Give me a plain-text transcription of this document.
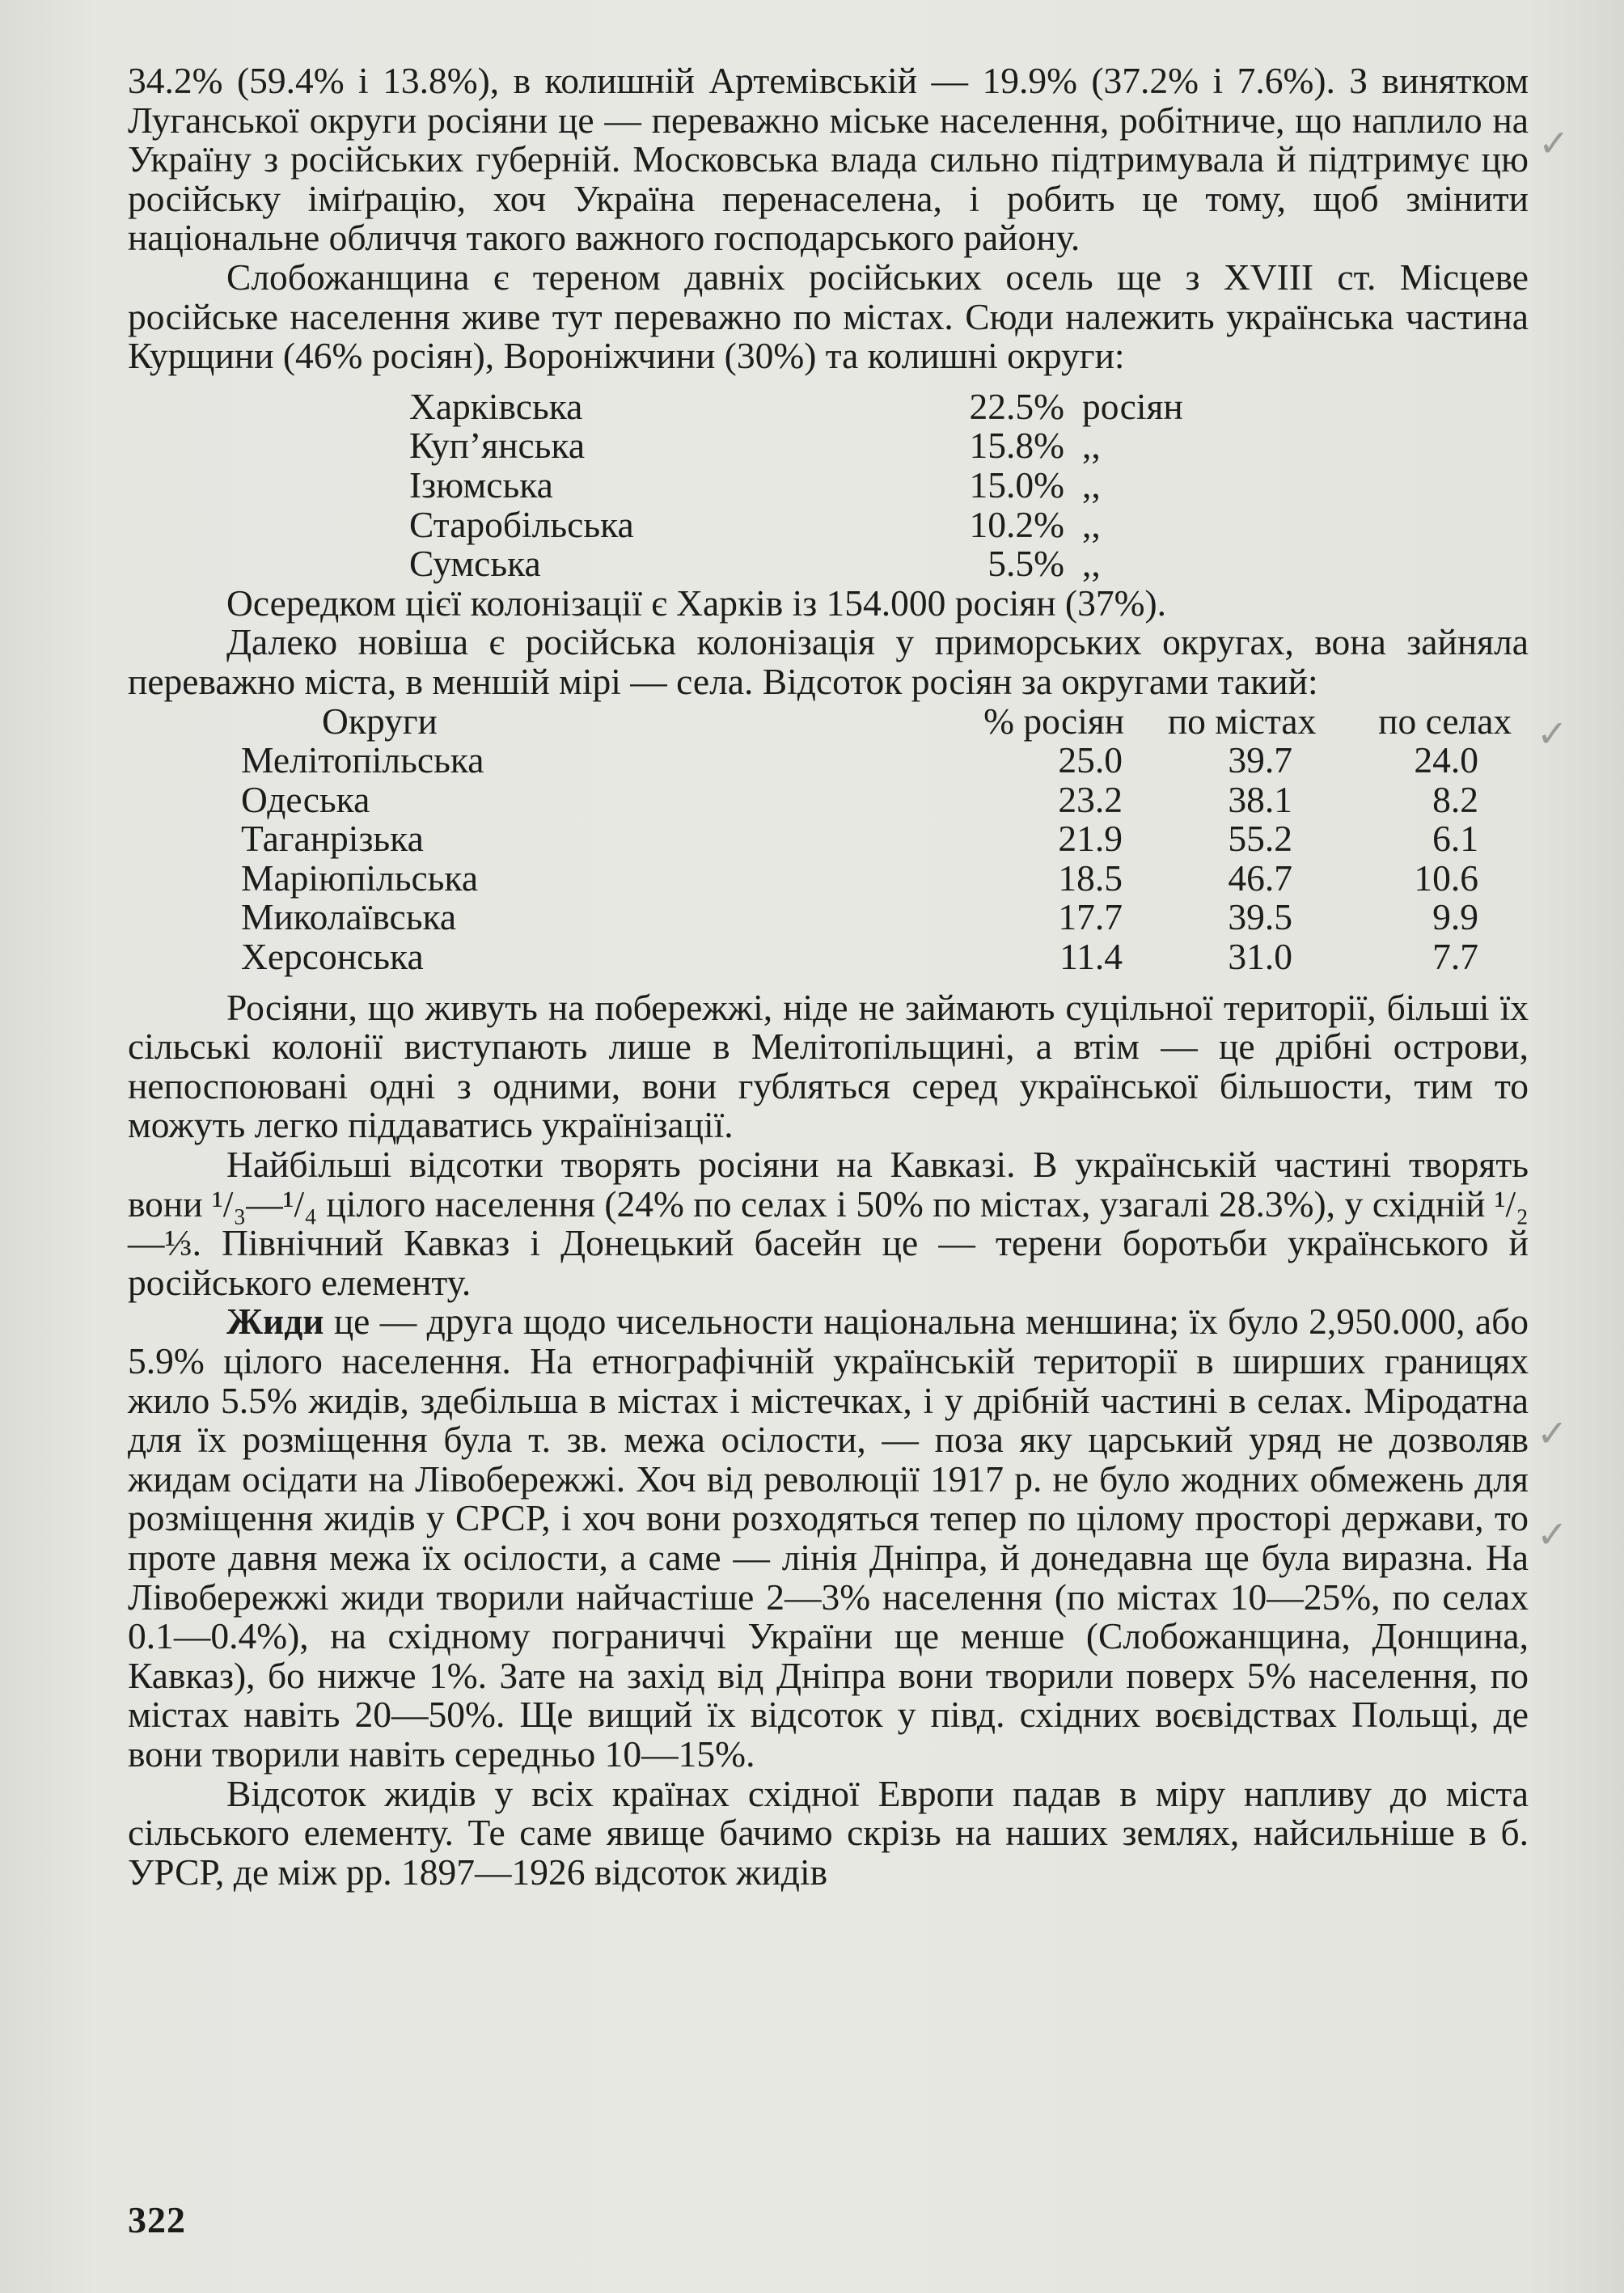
34.2% (59.4% і 13.8%), в колишній Артемівській — 19.9% (37.2% і 7.6%). З винятком Луганської округи росіяни це — переважно міське населення, робітниче, що наплило на Україну з російських губерній. Московська влада сильно підтримувала й підтримує цю російську іміґрацію, хоч Україна перенаселена, і робить це тому, щоб змінити національне обличчя такого важного господарського району.

Слобожанщина є тереном давніх російських осель ще з XVIII ст. Місцеве російське населення живе тут переважно по містах. Сюди належить українська частина Курщини (46% росіян), Вороніжчини (30%) та колишні округи:

Харківська	22.5% росіян
Куп’янська	15.8% ,,
Ізюмська	15.0% ,,
Старобільська	10.2% ,,
Сумська	5.5% ,,

Осередком цієї колонізації є Харків із 154.000 росіян (37%).

Далеко новіша є російська колонізація у приморських округах, вона зайняла переважно міста, в меншій мірі — села. Відсоток росіян за округами такий:

Округи	% росіян	по містах	по селах
Мелітопільська	25.0	39.7	24.0
Одеська	23.2	38.1	8.2
Таганрізька	21.9	55.2	6.1
Маріюпільська	18.5	46.7	10.6
Миколаївська	17.7	39.5	9.9
Херсонська	11.4	31.0	7.7

Росіяни, що живуть на побережжі, ніде не займають суцільної території, більші їх сільські колонії виступають лише в Мелітопільщині, а втім — це дрібні острови, непоспоювані одні з одними, вони губляться серед української більшости, тим то можуть легко піддаватись українізації.

Найбільші відсотки творять росіяни на Кавказі. В українській частині творять вони ¹/₃—¹/₄ цілого населення (24% по селах і 50% по містах, узагалі 28.3%), у східній ¹/₂—⅓. Північний Кавказ і Донецький басейн це — терени боротьби українського й російського елементу.

Жиди це — друга щодо чисельности національна меншина; їх було 2,950.000, або 5.9% цілого населення. На етнографічній українській території в ширших границях жило 5.5% жидів, здебільша в містах і містечках, і у дрібній частині в селах. Міродатна для їх розміщення була т. зв. межа осілости, — поза яку царський уряд не дозволяв жидам осідати на Лівобережжі. Хоч від революції 1917 р. не було жодних обмежень для розміщення жидів у СРСР, і хоч вони розходяться тепер по цілому просторі держави, то проте давня межа їх осілости, а саме — лінія Дніпра, й донедавна ще була виразна. На Лівобережжі жиди творили найчастіше 2—3% населення (по містах 10—25%, по селах 0.1—0.4%), на східному пограниччі України ще менше (Слобожанщина, Донщина, Кавказ), бо нижче 1%. Зате на захід від Дніпра вони творили поверх 5% населення, по містах навіть 20—50%. Ще вищий їх відсоток у півд. східних воєвідствах Польщі, де вони творили навіть середньо 10—15%.

Відсоток жидів у всіх країнах східної Европи падав в міру напливу до міста сільського елементу. Те саме явище бачимо скрізь на наших землях, найсильніше в б. УРСР, де між рр. 1897—1926 відсоток жидів

322
✓
✓
✓
✓
